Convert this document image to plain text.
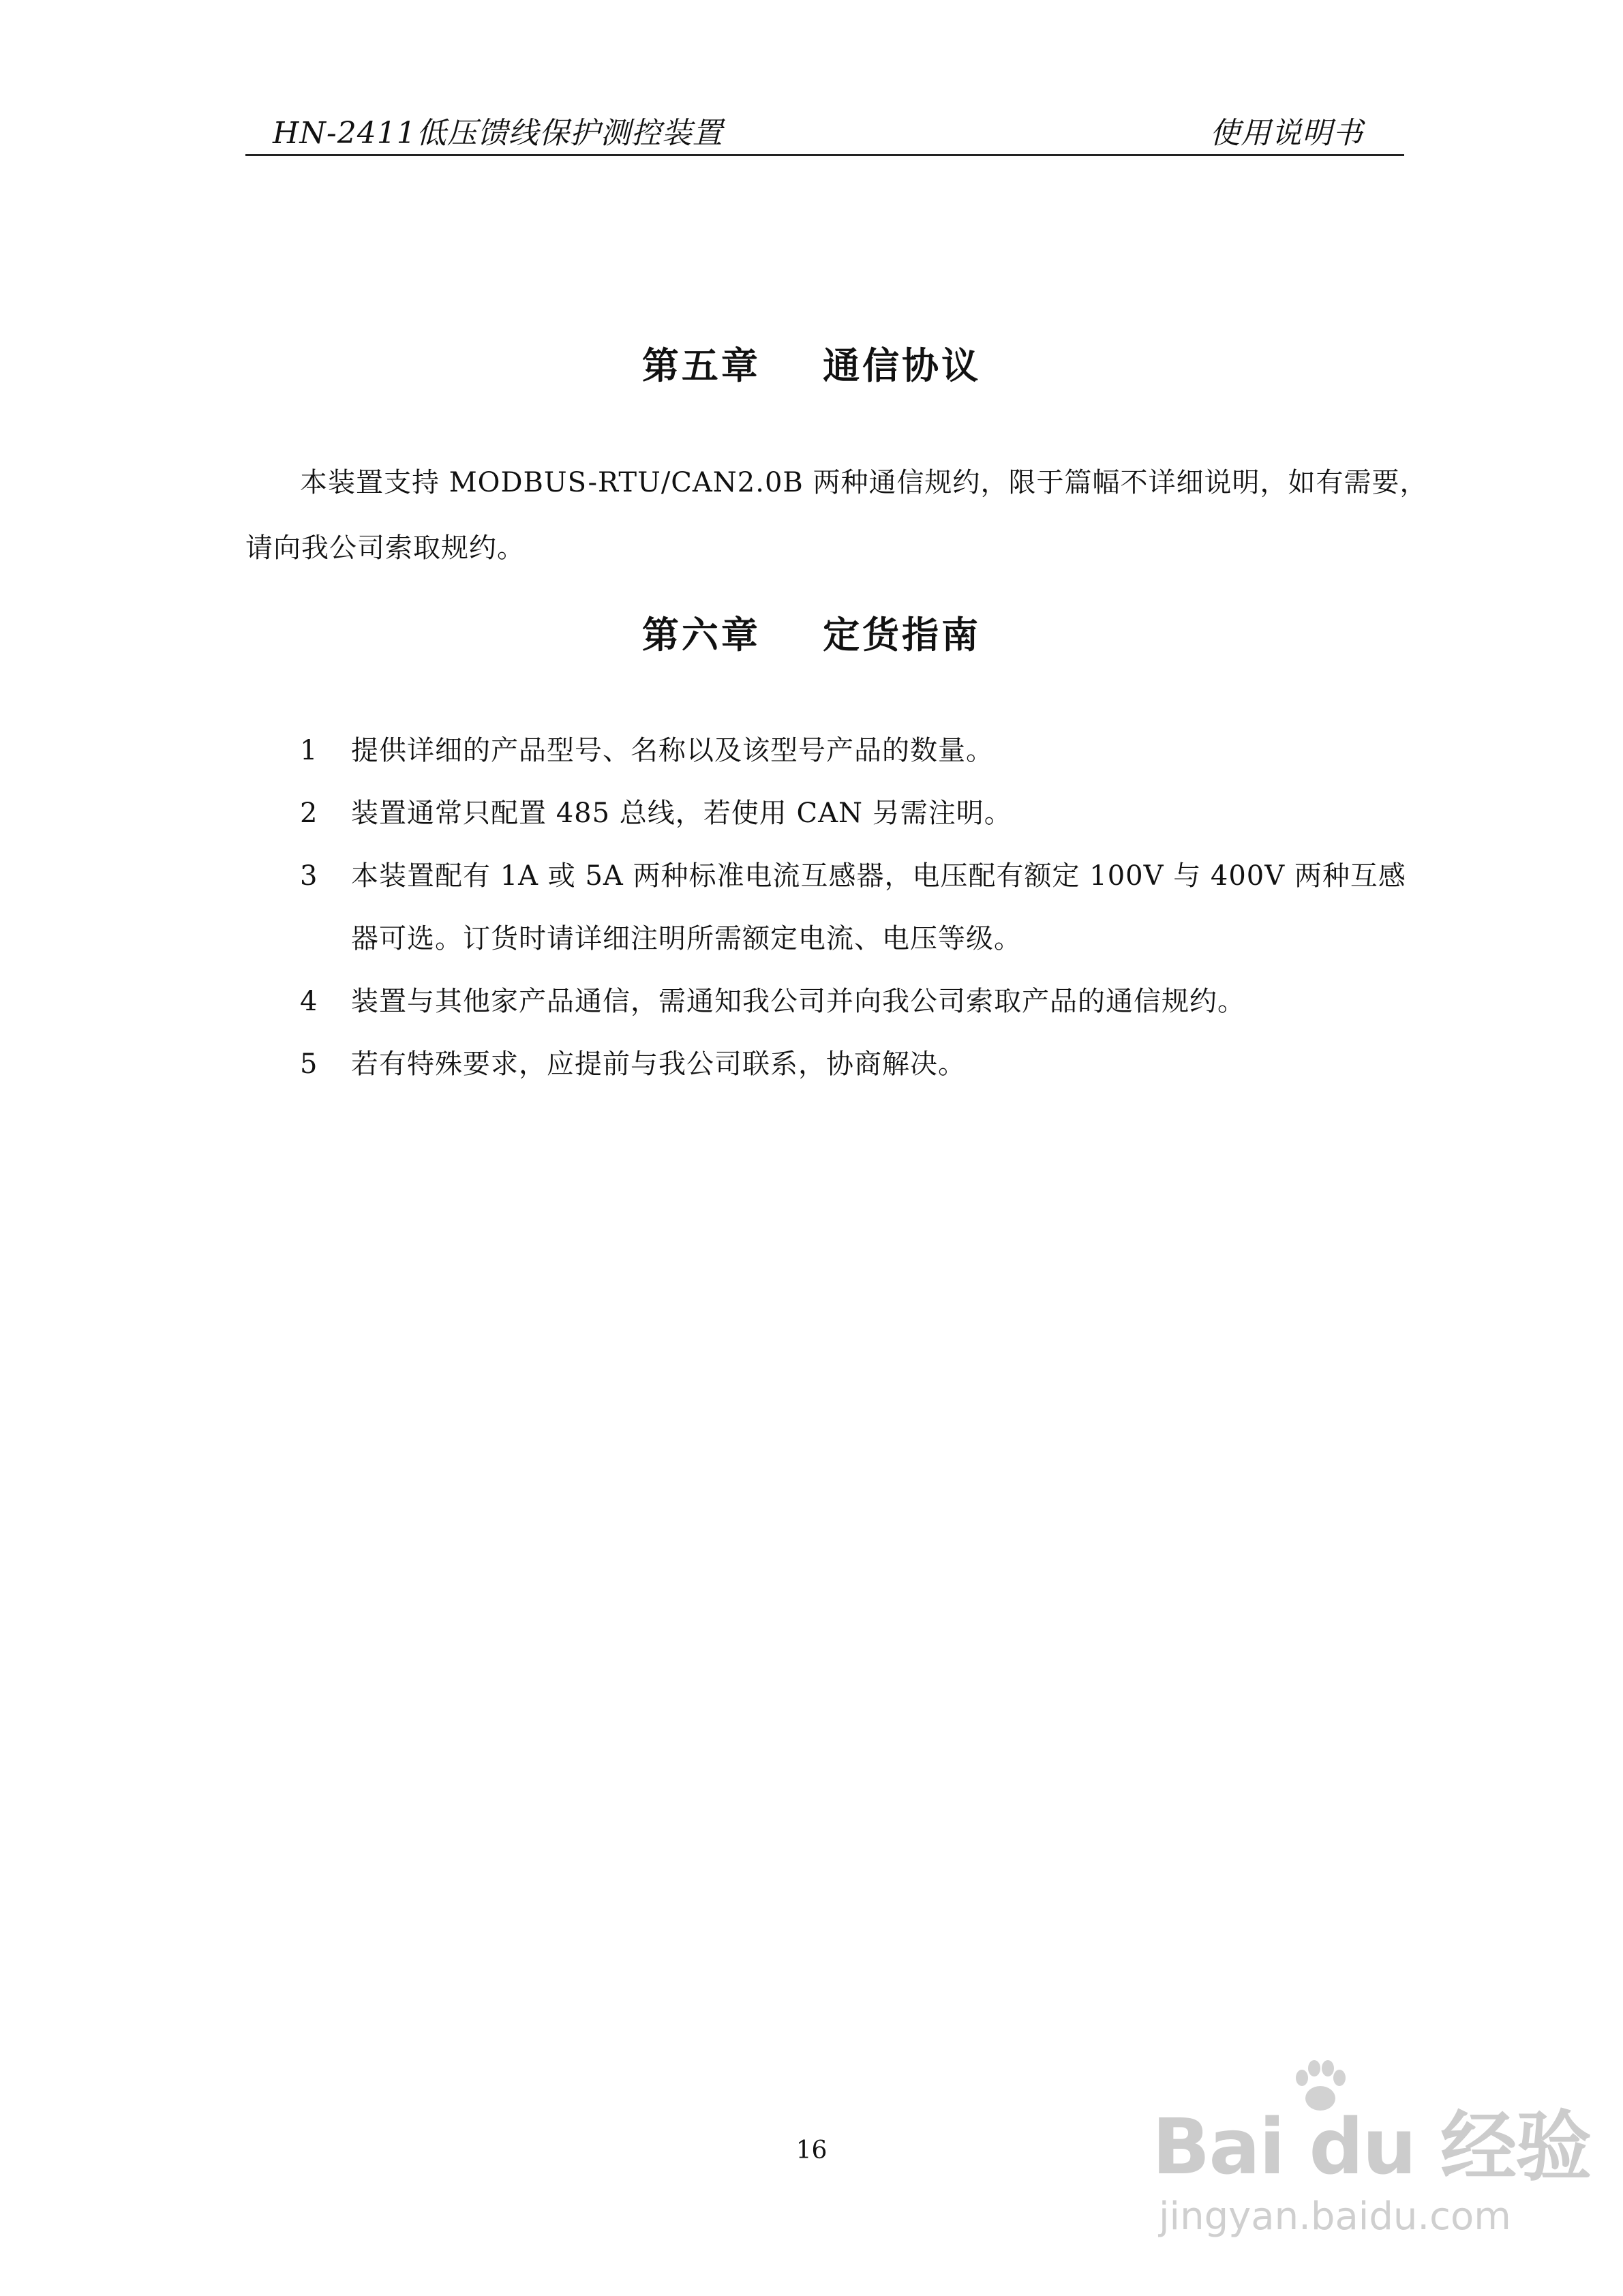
HN-2411低压馈线保护测控装置	使用说明书
第五章    通信协议
本装置支持 MODBUS-RTU/CAN2.0B 两种通信规约，限于篇幅不详细说明，如有需要，
请向我公司索取规约。
第六章    定货指南
1 提供详细的产品型号、名称以及该型号产品的数量。
2 装置通常只配置 485 总线，若使用 CAN 另需注明。
3 本装置配有 1A 或 5A 两种标准电流互感器，电压配有额定 100V 与 400V 两种互感
器可选。订货时请详细注明所需额定电流、电压等级。
4 装置与其他家产品通信，需通知我公司并向我公司索取产品的通信规约。
5 若有特殊要求，应提前与我公司联系，协商解决。
16	Bai du 经验
jingyan.baidu.com
